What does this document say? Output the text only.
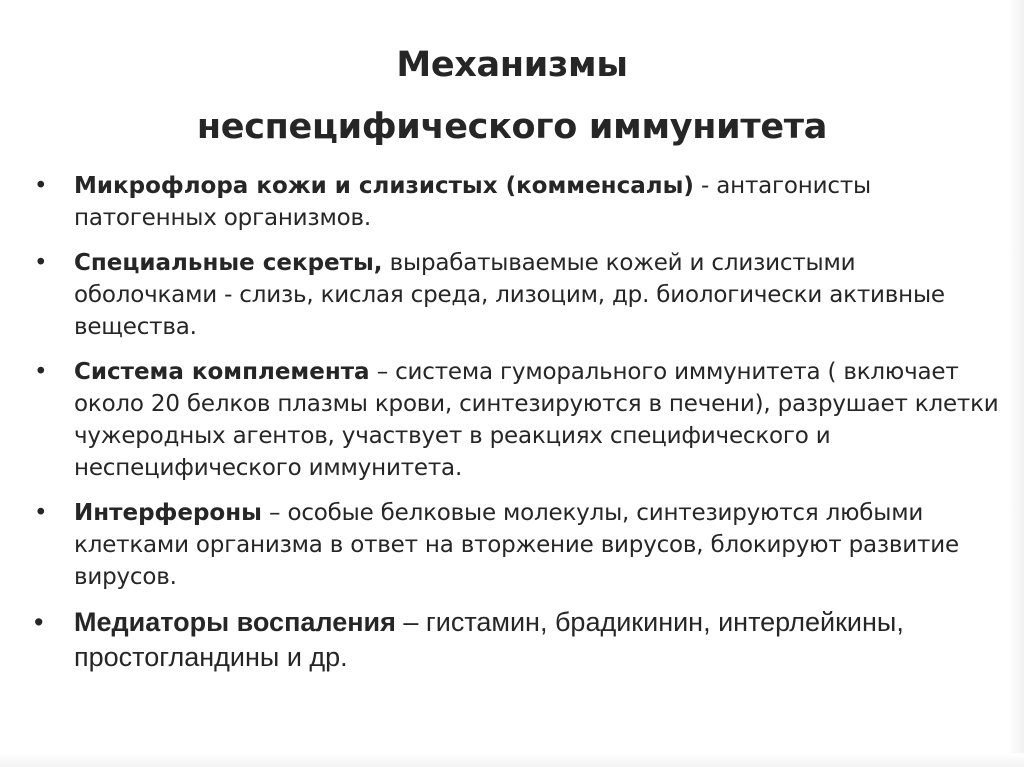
Механизмы
неспецифического иммунитета
• Микрофлора кожи и слизистых (комменсалы) - антагонисты патогенных организмов.
• Специальные секреты, вырабатываемые кожей и слизистыми оболочками - слизь, кислая среда, лизоцим, др. биологически активные вещества.
• Система комплемента – система гуморального иммунитета ( включает около 20 белков плазмы крови, синтезируются в печени), разрушает клетки чужеродных агентов, участвует в реакциях специфического и неспецифического иммунитета.
• Интерфероны – особые белковые молекулы, синтезируются любыми клетками организма в ответ на вторжение вирусов, блокируют развитие вирусов.
• Медиаторы воспаления – гистамин, брадикинин, интерлейкины, простогландины и др.
